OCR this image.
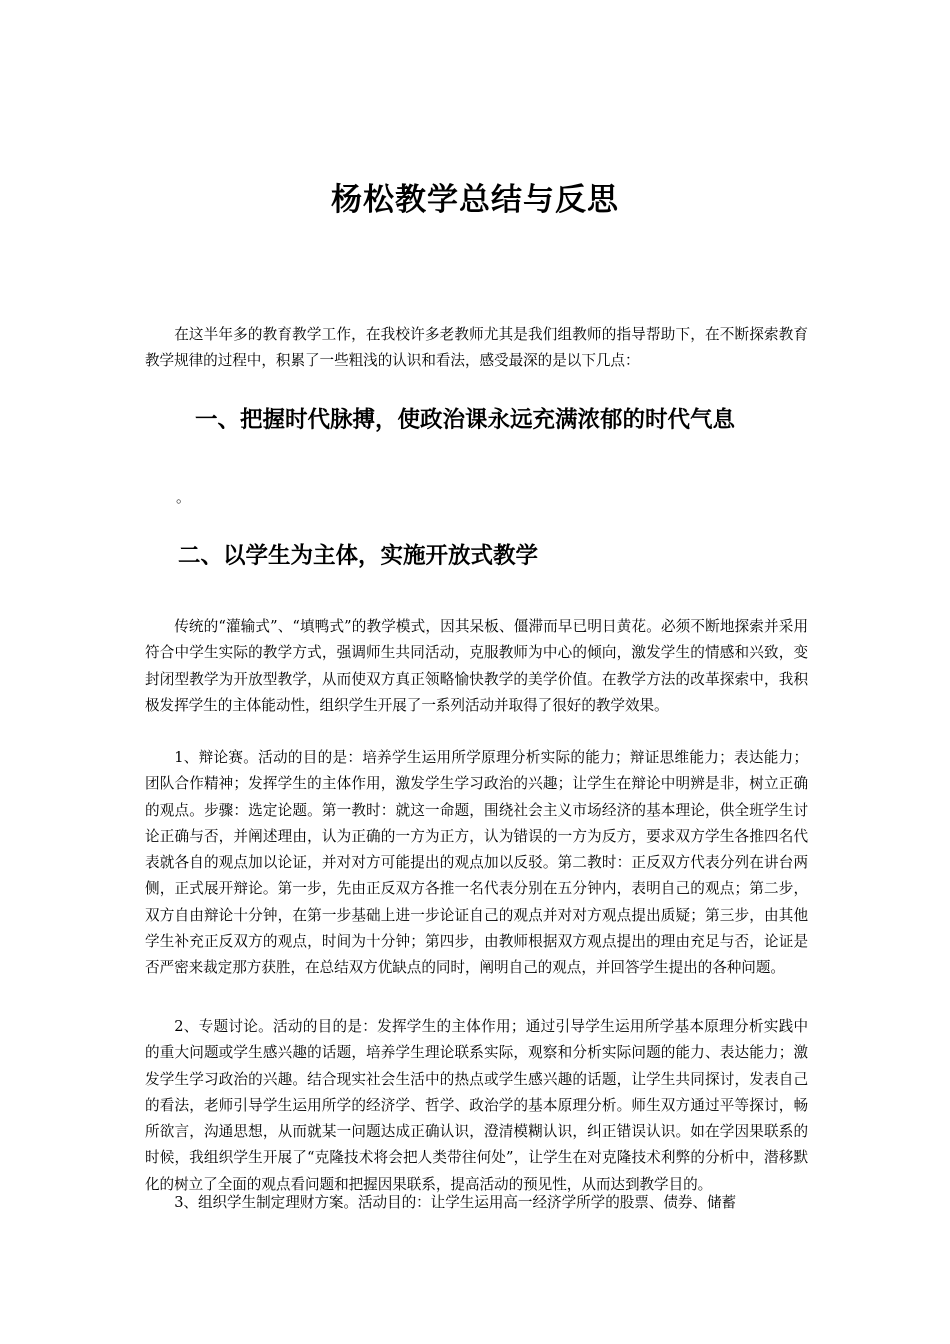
杨松教学总结与反思

在这半年多的教育教学工作，在我校许多老教师尤其是我们组教师的指导帮助下，在不断探索教育教学规律的过程中，积累了一些粗浅的认识和看法，感受最深的是以下几点：

一、把握时代脉搏，使政治课永远充满浓郁的时代气息

。

二、以学生为主体，实施开放式教学

传统的“灌输式”、“填鸭式”的教学模式，因其呆板、僵滞而早已明日黄花。必须不断地探索并采用符合中学生实际的教学方式，强调师生共同活动，克服教师为中心的倾向，激发学生的情感和兴致，变封闭型教学为开放型教学，从而使双方真正领略愉快教学的美学价值。在教学方法的改革探索中，我积极发挥学生的主体能动性，组织学生开展了一系列活动并取得了很好的教学效果。

1、辩论赛。活动的目的是：培养学生运用所学原理分析实际的能力；辩证思维能力；表达能力；团队合作精神；发挥学生的主体作用，激发学生学习政治的兴趣；让学生在辩论中明辨是非，树立正确的观点。步骤：选定论题。第一教时：就这一命题，围绕社会主义市场经济的基本理论，供全班学生讨论正确与否，并阐述理由，认为正确的一方为正方，认为错误的一方为反方，要求双方学生各推四名代表就各自的观点加以论证，并对对方可能提出的观点加以反驳。第二教时：正反双方代表分列在讲台两侧，正式展开辩论。第一步，先由正反双方各推一名代表分别在五分钟内，表明自己的观点；第二步，双方自由辩论十分钟，在第一步基础上进一步论证自己的观点并对对方观点提出质疑；第三步，由其他学生补充正反双方的观点，时间为十分钟；第四步，由教师根据双方观点提出的理由充足与否，论证是否严密来裁定那方获胜，在总结双方优缺点的同时，阐明自己的观点，并回答学生提出的各种问题。

2、专题讨论。活动的目的是：发挥学生的主体作用；通过引导学生运用所学基本原理分析实践中的重大问题或学生感兴趣的话题，培养学生理论联系实际，观察和分析实际问题的能力、表达能力；激发学生学习政治的兴趣。结合现实社会生活中的热点或学生感兴趣的话题，让学生共同探讨，发表自己的看法，老师引导学生运用所学的经济学、哲学、政治学的基本原理分析。师生双方通过平等探讨，畅所欲言，沟通思想，从而就某一问题达成正确认识，澄清模糊认识，纠正错误认识。如在学因果联系的时候，我组织学生开展了“克隆技术将会把人类带往何处”，让学生在对克隆技术利弊的分析中，潜移默化的树立了全面的观点看问题和把握因果联系，提高活动的预见性，从而达到教学目的。

3、组织学生制定理财方案。活动目的：让学生运用高一经济学所学的股票、债券、储蓄
